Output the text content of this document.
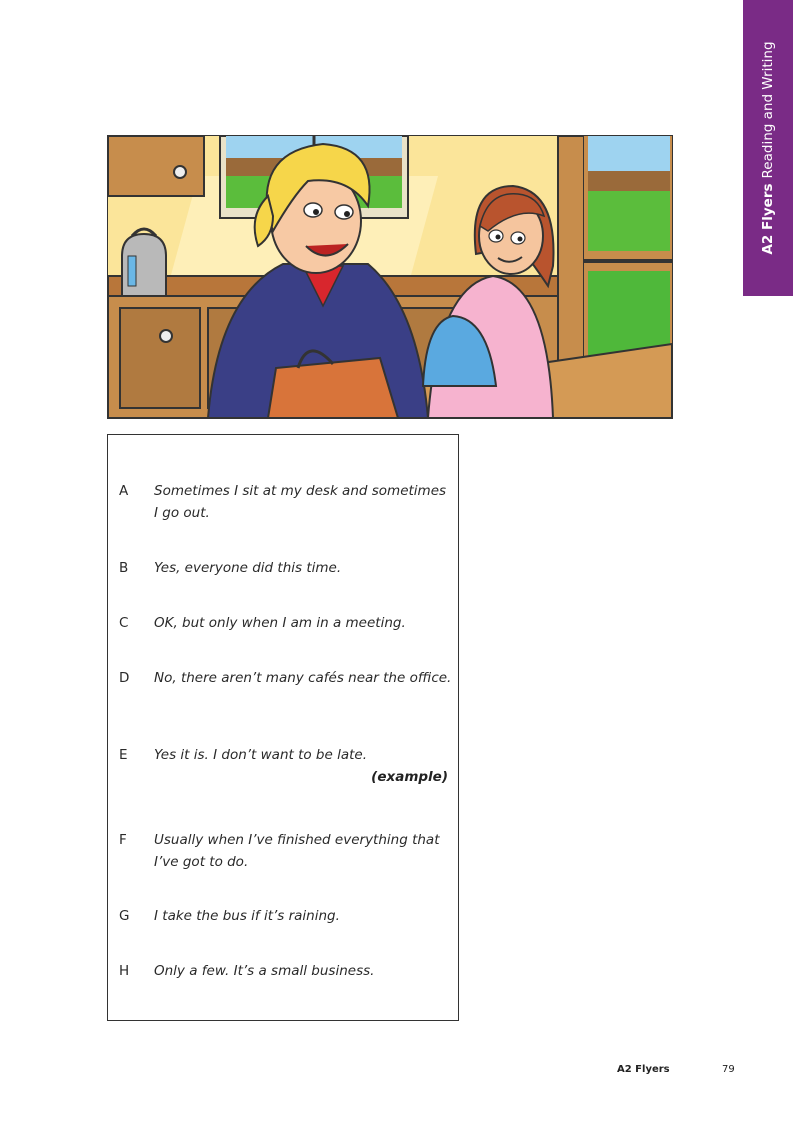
A2 FlyersReading and Writing
A Sometimes I sit at my desk and sometimes I go out.
B Yes, everyone did this time.
C OK, but only when I am in a meeting.
D No, there aren’t many cafés near the office.
E Yes it is. I don’t want to be late.
(example)
F Usually when I’ve finished everything that I’ve got to do.
G I take the bus if it’s raining.
H Only a few. It’s a small business.
A2 Flyers	79
